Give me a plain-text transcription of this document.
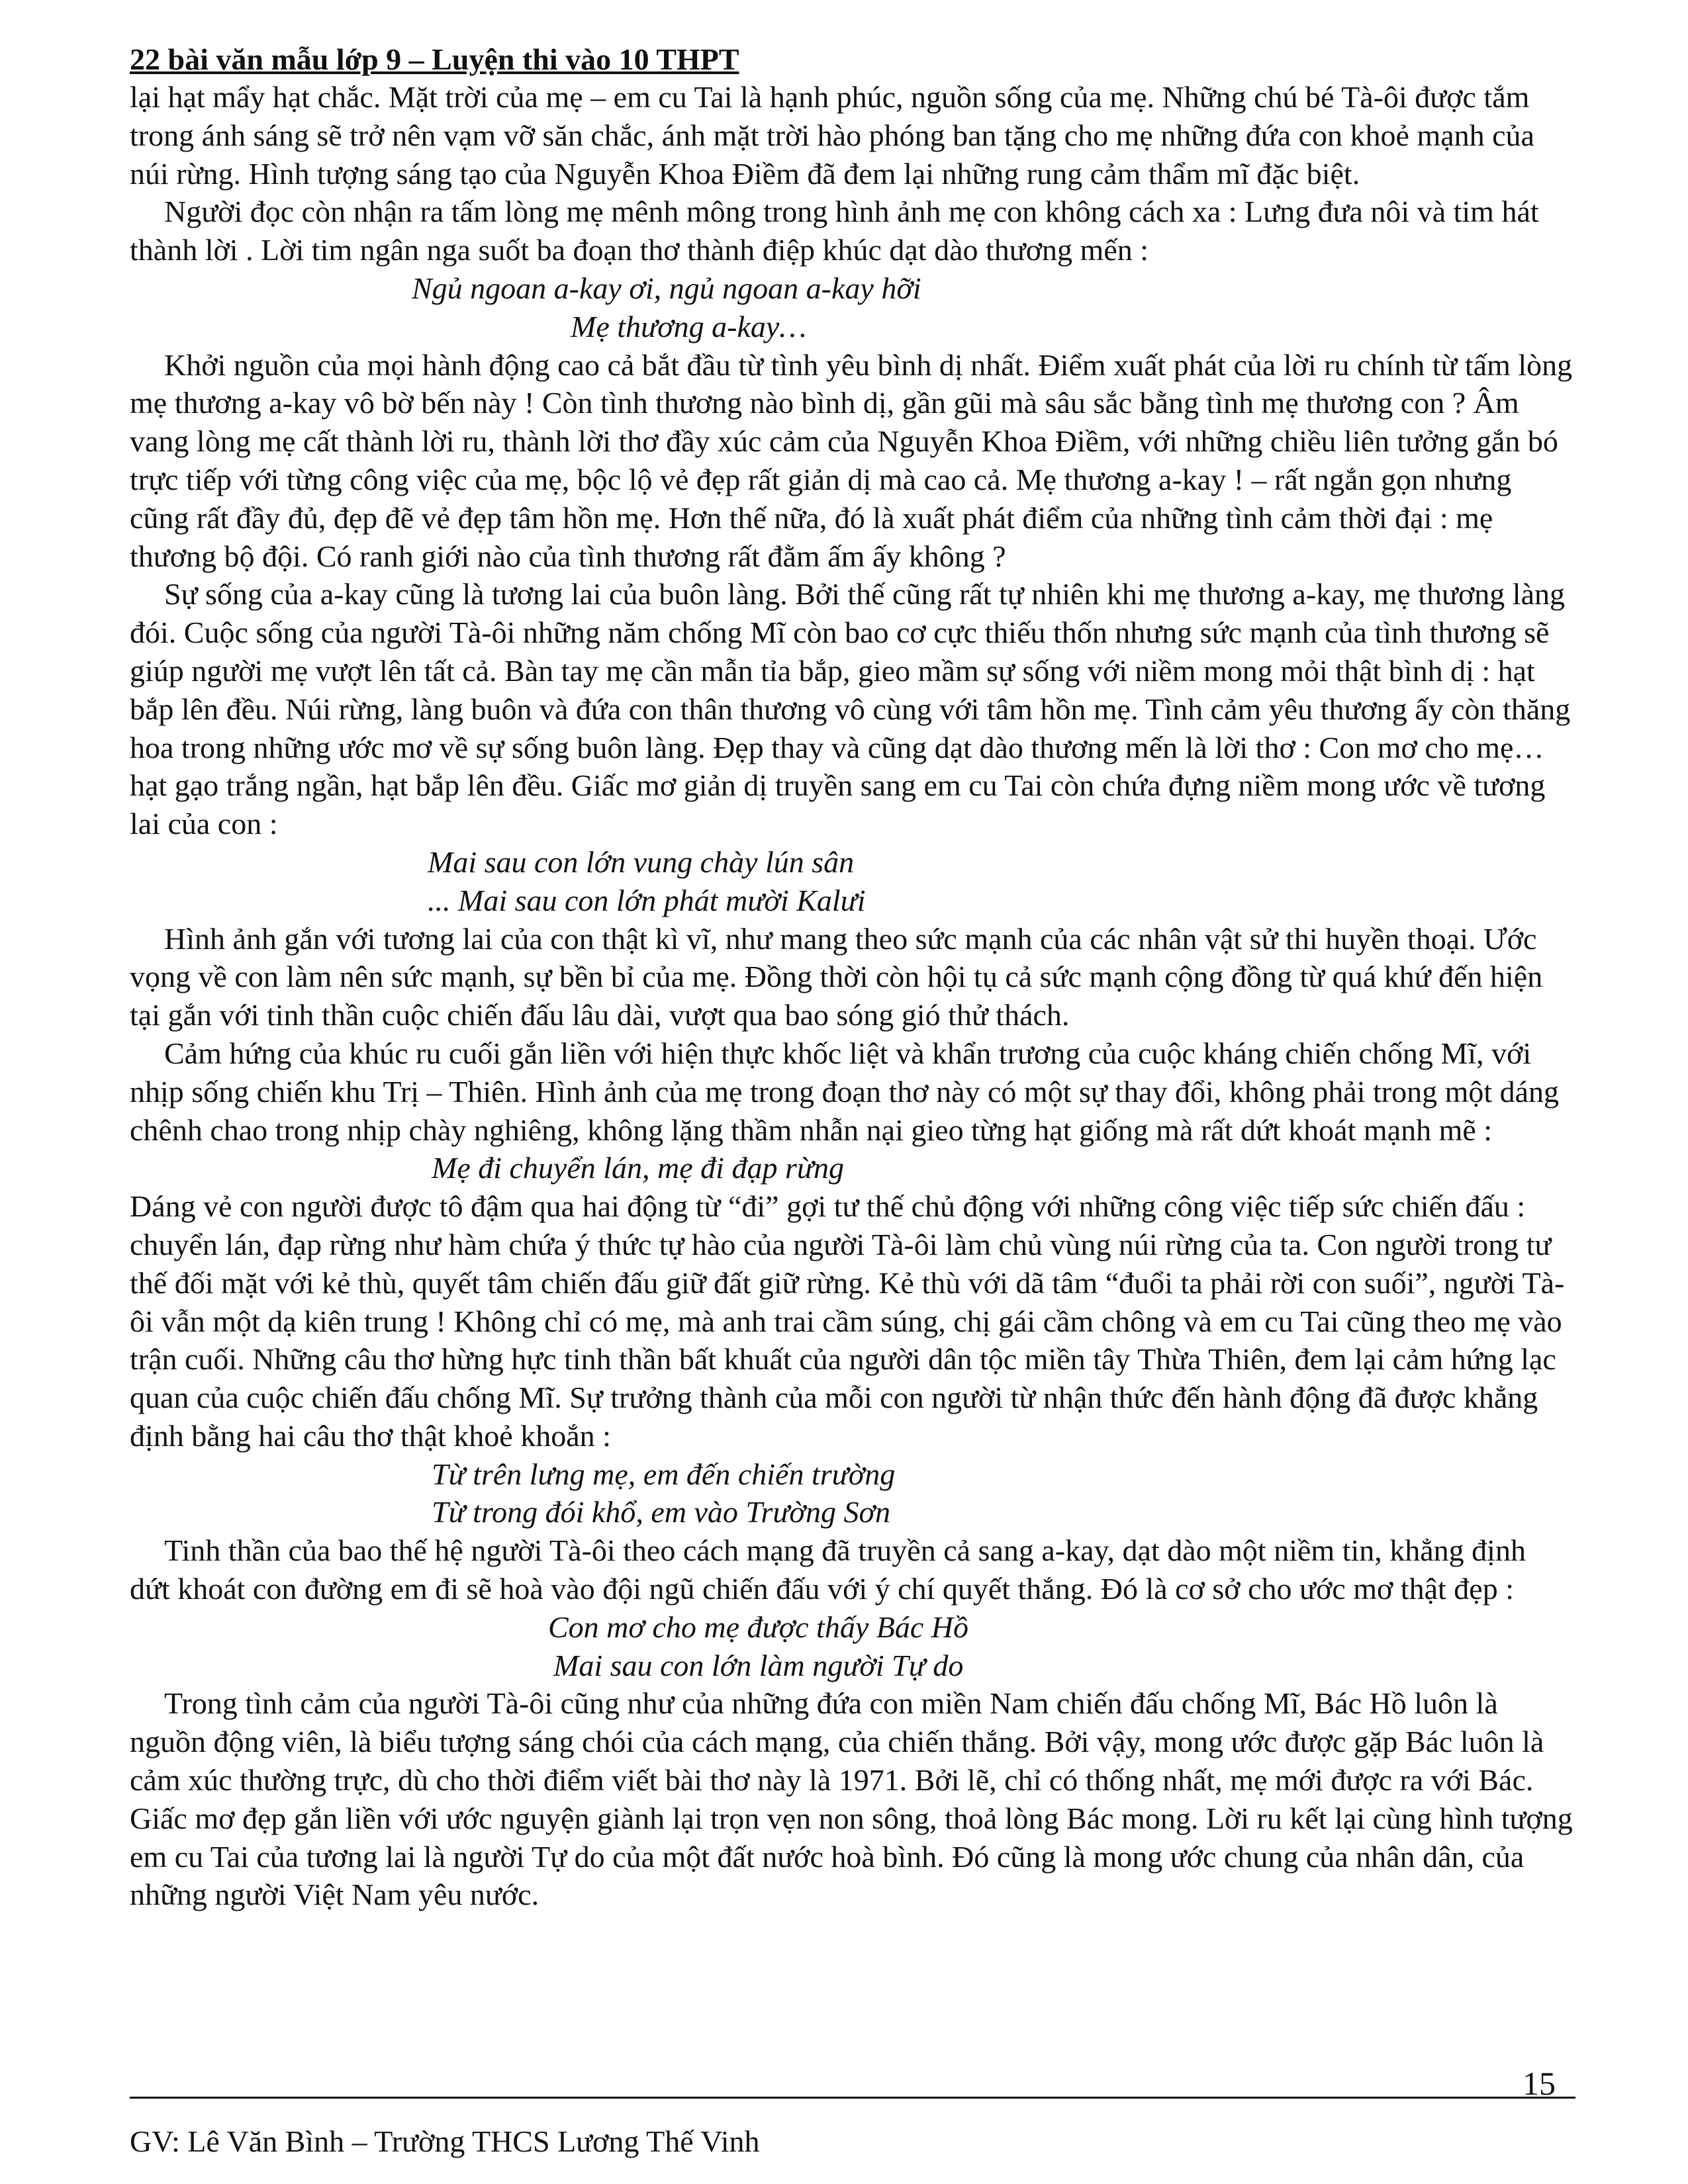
22 bài văn mẫu lớp 9 – Luyện thi vào 10 THPT

lại hạt mẩy hạt chắc. Mặt trời của mẹ – em cu Tai là hạnh phúc, nguồn sống của mẹ. Những chú bé Tà-ôi được tắm trong ánh sáng sẽ trở nên vạm vỡ săn chắc, ánh mặt trời hào phóng ban tặng cho mẹ những đứa con khoẻ mạnh của núi rừng. Hình tượng sáng tạo của Nguyễn Khoa Điềm đã đem lại những rung cảm thẩm mĩ đặc biệt.

Người đọc còn nhận ra tấm lòng mẹ mênh mông trong hình ảnh mẹ con không cách xa : Lưng đưa nôi và tim hát thành lời . Lời tim ngân nga suốt ba đoạn thơ thành điệp khúc dạt dào thương mến :

Ngủ ngoan a-kay ơi, ngủ ngoan a-kay hỡi

Mẹ thương a-kay…

Khởi nguồn của mọi hành động cao cả bắt đầu từ tình yêu bình dị nhất. Điểm xuất phát của lời ru chính từ tấm lòng mẹ thương a-kay vô bờ bến này ! Còn tình thương nào bình dị, gần gũi mà sâu sắc bằng tình mẹ thương con ? Âm vang lòng mẹ cất thành lời ru, thành lời thơ đầy xúc cảm của Nguyễn Khoa Điềm, với những chiều liên tưởng gắn bó trực tiếp với từng công việc của mẹ, bộc lộ vẻ đẹp rất giản dị mà cao cả. Mẹ thương a-kay ! – rất ngắn gọn nhưng cũng rất đầy đủ, đẹp đẽ vẻ đẹp tâm hồn mẹ. Hơn thế nữa, đó là xuất phát điểm của những tình cảm thời đại : mẹ thương bộ đội. Có ranh giới nào của tình thương rất đằm ấm ấy không ?

Sự sống của a-kay cũng là tương lai của buôn làng. Bởi thế cũng rất tự nhiên khi mẹ thương a-kay, mẹ thương làng đói. Cuộc sống của người Tà-ôi những năm chống Mĩ còn bao cơ cực thiếu thốn nhưng sức mạnh của tình thương sẽ giúp người mẹ vượt lên tất cả. Bàn tay mẹ cần mẫn tỉa bắp, gieo mầm sự sống với niềm mong mỏi thật bình dị : hạt bắp lên đều. Núi rừng, làng buôn và đứa con thân thương vô cùng với tâm hồn mẹ. Tình cảm yêu thương ấy còn thăng hoa trong những ước mơ về sự sống buôn làng. Đẹp thay và cũng dạt dào thương mến là lời thơ : Con mơ cho mẹ…hạt gạo trắng ngần, hạt bắp lên đều. Giấc mơ giản dị truyền sang em cu Tai còn chứa đựng niềm mong ước về tương lai của con :

Mai sau con lớn vung chày lún sân

... Mai sau con lớn phát mười Kalưi

Hình ảnh gắn với tương lai của con thật kì vĩ, như mang theo sức mạnh của các nhân vật sử thi huyền thoại. Ước vọng về con làm nên sức mạnh, sự bền bỉ của mẹ. Đồng thời còn hội tụ cả sức mạnh cộng đồng từ quá khứ đến hiện tại gắn với tinh thần cuộc chiến đấu lâu dài, vượt qua bao sóng gió thử thách.

Cảm hứng của khúc ru cuối gắn liền với hiện thực khốc liệt và khẩn trương của cuộc kháng chiến chống Mĩ, với nhịp sống chiến khu Trị – Thiên. Hình ảnh của mẹ trong đoạn thơ này có một sự thay đổi, không phải trong một dáng chênh chao trong nhịp chày nghiêng, không lặng thầm nhẫn nại gieo từng hạt giống mà rất dứt khoát mạnh mẽ :

Mẹ đi chuyển lán, mẹ đi đạp rừng

Dáng vẻ con người được tô đậm qua hai động từ “đi” gợi tư thế chủ động với những công việc tiếp sức chiến đấu : chuyển lán, đạp rừng như hàm chứa ý thức tự hào của người Tà-ôi làm chủ vùng núi rừng của ta. Con người trong tư thế đối mặt với kẻ thù, quyết tâm chiến đấu giữ đất giữ rừng. Kẻ thù với dã tâm “đuổi ta phải rời con suối”, người Tà-ôi vẫn một dạ kiên trung ! Không chỉ có mẹ, mà anh trai cầm súng, chị gái cầm chông và em cu Tai cũng theo mẹ vào trận cuối. Những câu thơ hừng hực tinh thần bất khuất của người dân tộc miền tây Thừa Thiên, đem lại cảm hứng lạc quan của cuộc chiến đấu chống Mĩ. Sự trưởng thành của mỗi con người từ nhận thức đến hành động đã được khẳng định bằng hai câu thơ thật khoẻ khoắn :

Từ trên lưng mẹ, em đến chiến trường

Từ trong đói khổ, em vào Trường Sơn

Tinh thần của bao thế hệ người Tà-ôi theo cách mạng đã truyền cả sang a-kay, dạt dào một niềm tin, khẳng định dứt khoát con đường em đi sẽ hoà vào đội ngũ chiến đấu với ý chí quyết thắng. Đó là cơ sở cho ước mơ thật đẹp :

Con mơ cho mẹ được thấy Bác Hồ

Mai sau con lớn làm người Tự do

Trong tình cảm của người Tà-ôi cũng như của những đứa con miền Nam chiến đấu chống Mĩ, Bác Hồ luôn là nguồn động viên, là biểu tượng sáng chói của cách mạng, của chiến thắng. Bởi vậy, mong ước được gặp Bác luôn là cảm xúc thường trực, dù cho thời điểm viết bài thơ này là 1971. Bởi lẽ, chỉ có thống nhất, mẹ mới được ra với Bác. Giấc mơ đẹp gắn liền với ước nguyện giành lại trọn vẹn non sông, thoả lòng Bác mong. Lời ru kết lại cùng hình tượng em cu Tai của tương lai là người Tự do của một đất nước hoà bình. Đó cũng là mong ước chung của nhân dân, của những người Việt Nam yêu nước.

15
GV: Lê Văn Bình – Trường THCS Lương Thế Vinh
